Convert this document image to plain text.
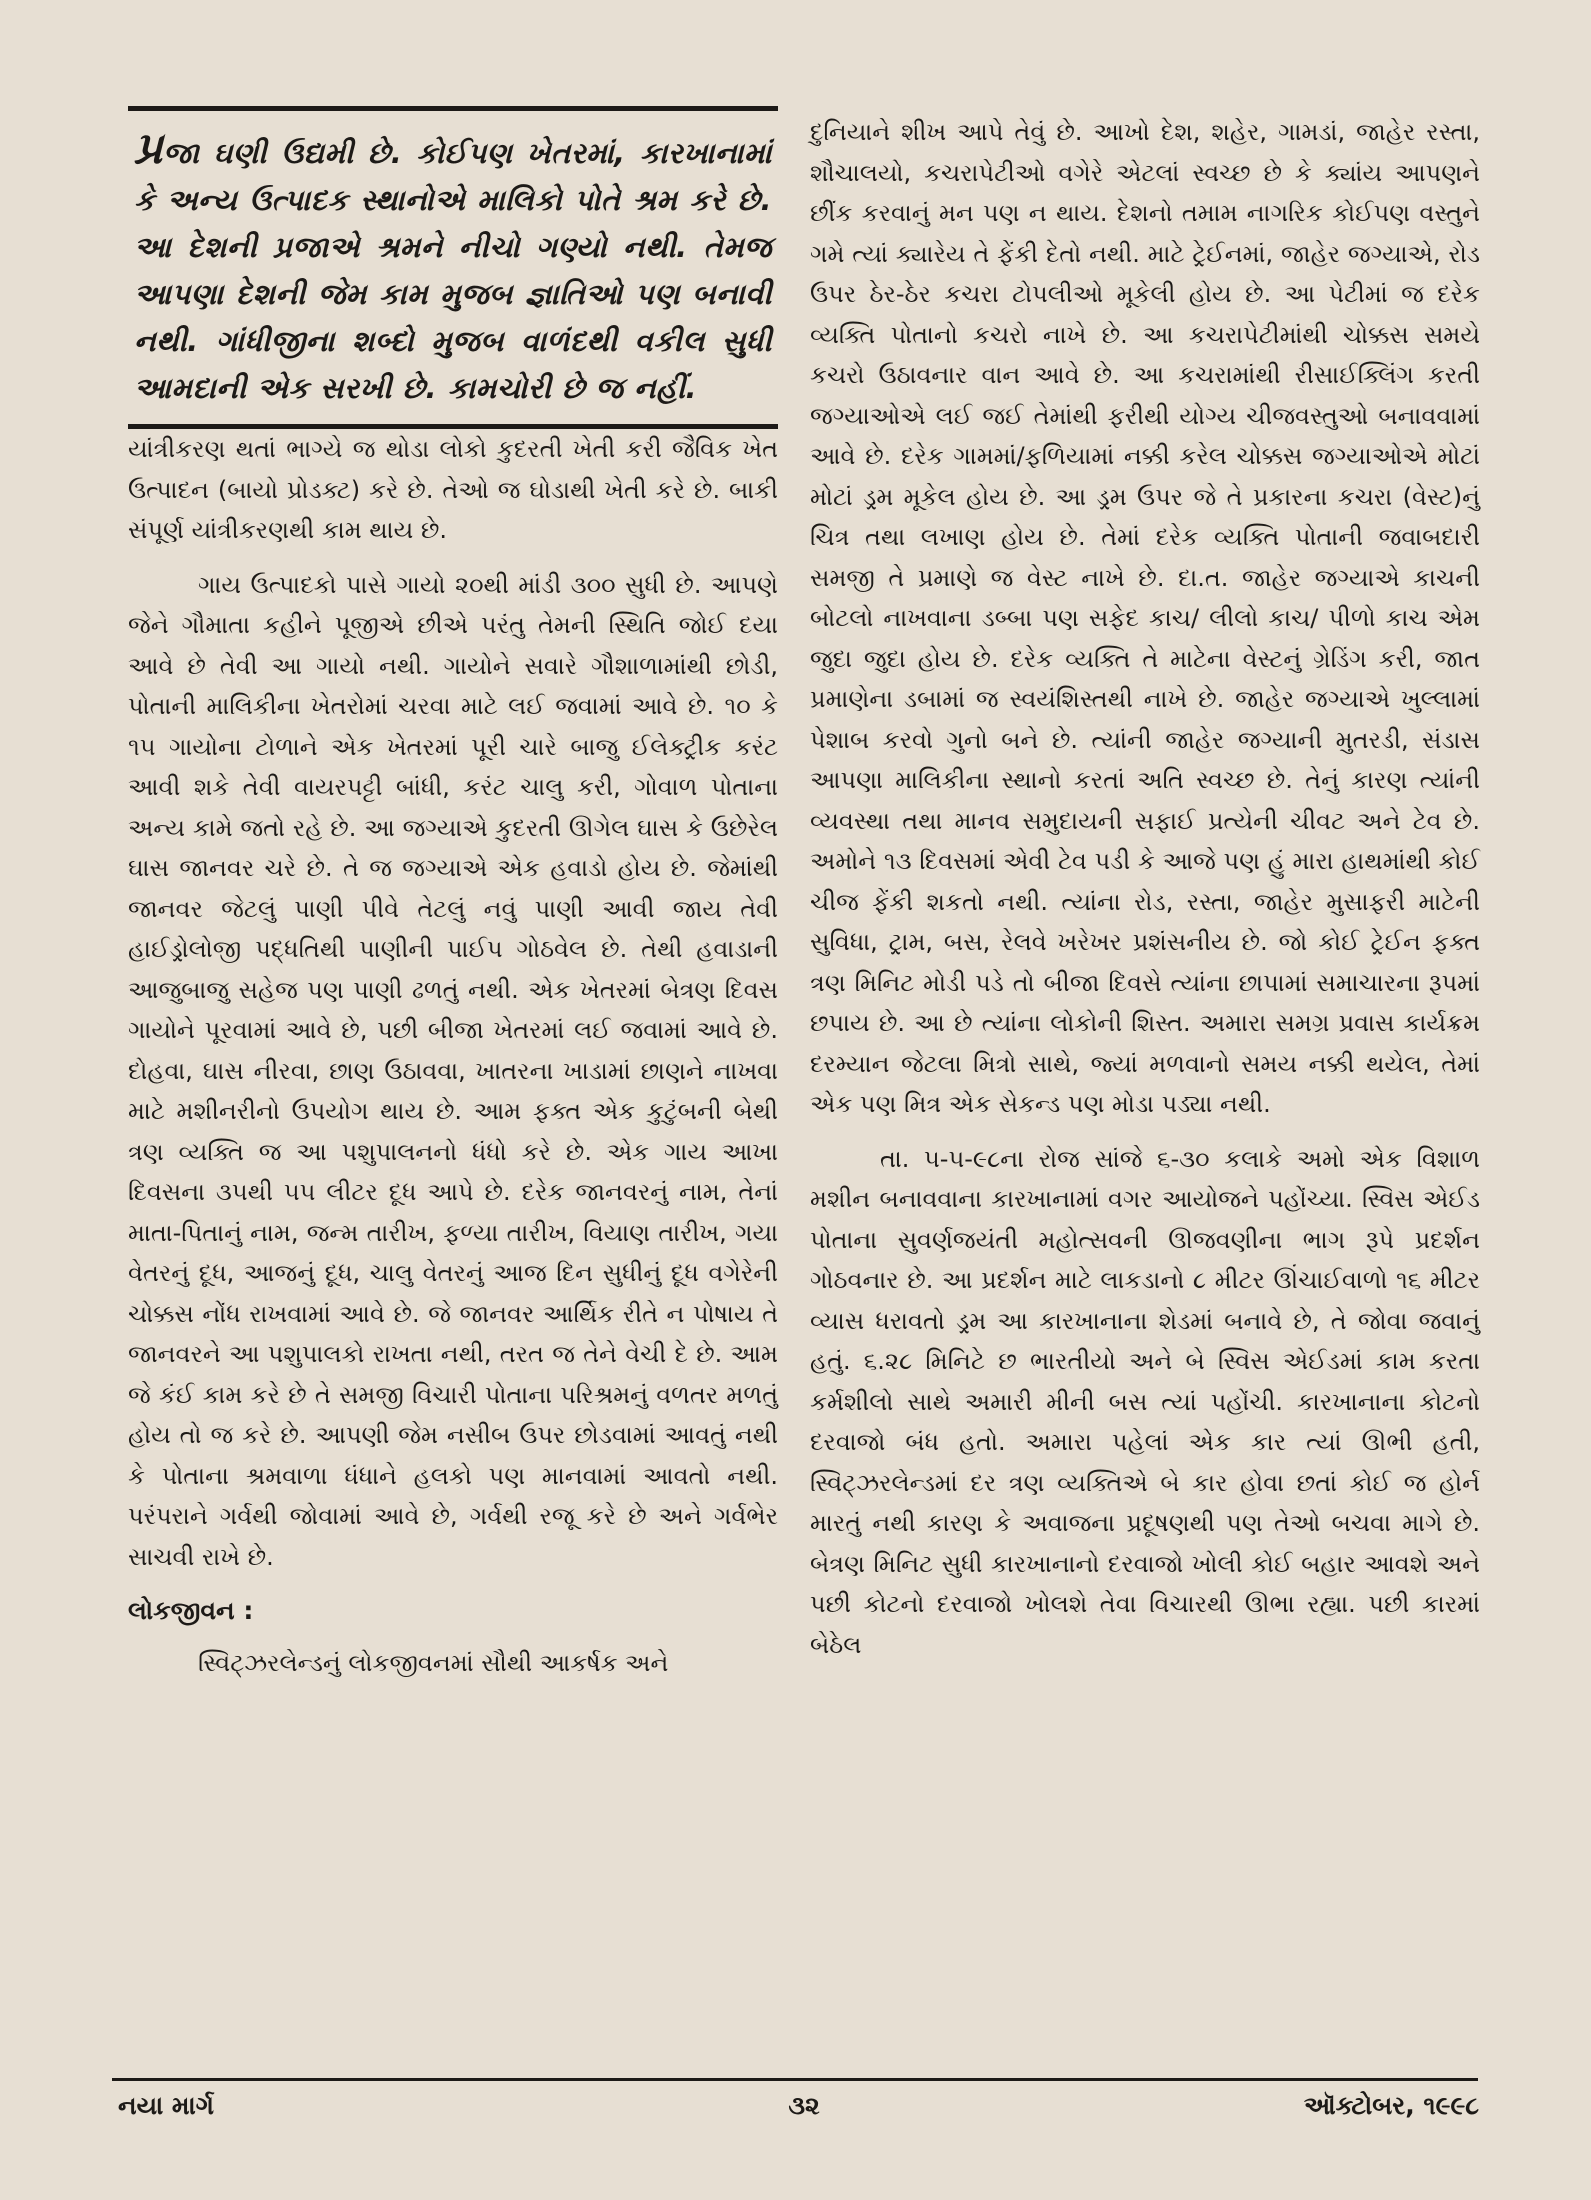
પ્રજા ઘણી ઉદ્યમી છે. કોઈપણ ખેતરમાં, કારખાનામાં કે અન્ય ઉત્પાદક સ્થાનોએ માલિકો પોતે શ્રમ કરે છે. આ દેશની પ્રજાએ શ્રમને નીચો ગણ્યો નથી. તેમજ આપણા દેશની જેમ કામ મુજબ જ્ઞાતિઓ પણ બનાવી નથી. ગાંધીજીના શબ્દો મુજબ વાળંદથી વકીલ સુધી આમદાની એક સરખી છે. કામચોરી છે જ નહીં.

યાંત્રીકરણ થતાં ભાગ્યે જ થોડા લોકો કુદરતી ખેતી કરી જૈવિક ખેત ઉત્પાદન (બાયો પ્રોડક્ટ) કરે છે. તેઓ જ ઘોડાથી ખેતી કરે છે. બાકી સંપૂર્ણ યાંત્રીકરણથી કામ થાય છે.

ગાય ઉત્પાદકો પાસે ગાયો ૨૦થી માંડી ૩૦૦ સુધી છે. આપણે જેને ગૌમાતા કહીને પૂજીએ છીએ પરંતુ તેમની સ્થિતિ જોઈ દયા આવે છે તેવી આ ગાયો નથી. ગાયોને સવારે ગૌશાળામાંથી છોડી, પોતાની માલિકીના ખેતરોમાં ચરવા માટે લઈ જવામાં આવે છે. ૧૦ કે ૧૫ ગાયોના ટોળાને એક ખેતરમાં પૂરી ચારે બાજુ ઈલેક્ટ્રીક કરંટ આવી શકે તેવી વાયરપટ્ટી બાંધી, કરંટ ચાલુ કરી, ગોવાળ પોતાના અન્ય કામે જતો રહે છે. આ જગ્યાએ કુદરતી ઊગેલ ઘાસ કે ઉછેરેલ ઘાસ જાનવર ચરે છે. તે જ જગ્યાએ એક હવાડો હોય છે. જેમાંથી જાનવર જેટલું પાણી પીવે તેટલું નવું પાણી આવી જાય તેવી હાઈડ્રોલોજી પદ્ધતિથી પાણીની પાઈપ ગોઠવેલ છે. તેથી હવાડાની આજુબાજુ સહેજ પણ પાણી ઢળતું નથી. એક ખેતરમાં બેત્રણ દિવસ ગાયોને પૂરવામાં આવે છે, પછી બીજા ખેતરમાં લઈ જવામાં આવે છે. દોહવા, ઘાસ નીરવા, છાણ ઉઠાવવા, ખાતરના ખાડામાં છાણને નાખવા માટે મશીનરીનો ઉપયોગ થાય છે. આમ ફક્ત એક કુટુંબની બેથી ત્રણ વ્યક્તિ જ આ પશુપાલનનો ધંધો કરે છે. એક ગાય આખા દિવસના ૩૫થી ૫૫ લીટર દૂધ આપે છે. દરેક જાનવરનું નામ, તેનાં માતા-પિતાનું નામ, જન્મ તારીખ, ફળ્યા તારીખ, વિયાણ તારીખ, ગયા વેતરનું દૂધ, આજનું દૂધ, ચાલુ વેતરનું આજ દિન સુધીનું દૂધ વગેરેની ચોક્કસ નોંધ રાખવામાં આવે છે. જે જાનવર આર્થિક રીતે ન પોષાય તે જાનવરને આ પશુપાલકો રાખતા નથી, તરત જ તેને વેચી દે છે. આમ જે કંઈ કામ કરે છે તે સમજી વિચારી પોતાના પરિશ્રમનું વળતર મળતું હોય તો જ કરે છે. આપણી જેમ નસીબ ઉપર છોડવામાં આવતું નથી કે પોતાના શ્રમવાળા ધંધાને હલકો પણ માનવામાં આવતો નથી. પરંપરાને ગર્વથી જોવામાં આવે છે, ગર્વથી રજૂ કરે છે અને ગર્વભેર સાચવી રાખે છે.

લોકજીવન :

સ્વિટ્ઝરલેન્ડનું લોકજીવનમાં સૌથી આકર્ષક અને

દુનિયાને શીખ આપે તેવું છે. આખો દેશ, શહેર, ગામડાં, જાહેર રસ્તા, શૌચાલયો, કચરાપેટીઓ વગેરે એટલાં સ્વચ્છ છે કે ક્યાંય આપણને છીંક કરવાનું મન પણ ન થાય. દેશનો તમામ નાગરિક કોઈપણ વસ્તુને ગમે ત્યાં ક્યારેય તે ફેંકી દેતો નથી. માટે ટ્રેઈનમાં, જાહેર જગ્યાએ, રોડ ઉપર ઠેર-ઠેર કચરા ટોપલીઓ મૂકેલી હોય છે. આ પેટીમાં જ દરેક વ્યક્તિ પોતાનો કચરો નાખે છે. આ કચરાપેટીમાંથી ચોક્કસ સમયે કચરો ઉઠાવનાર વાન આવે છે. આ કચરામાંથી રીસાઈક્લિંગ કરતી જગ્યાઓએ લઈ જઈ તેમાંથી ફરીથી યોગ્ય ચીજવસ્તુઓ બનાવવામાં આવે છે. દરેક ગામમાં/ફળિયામાં નક્કી કરેલ ચોક્કસ જગ્યાઓએ મોટાં મોટાં ડ્રમ મૂકેલ હોય છે. આ ડ્રમ ઉપર જે તે પ્રકારના કચરા (વેસ્ટ)નું ચિત્ર તથા લખાણ હોય છે. તેમાં દરેક વ્યક્તિ પોતાની જવાબદારી સમજી તે પ્રમાણે જ વેસ્ટ નાખે છે. દા.ત. જાહેર જગ્યાએ કાચની બોટલો નાખવાના ડબ્બા પણ સફેદ કાચ/ લીલો કાચ/ પીળો કાચ એમ જુદા જુદા હોય છે. દરેક વ્યક્તિ તે માટેના વેસ્ટનું ગ્રેડિંગ કરી, જાત પ્રમાણેના ડબામાં જ સ્વયંશિસ્તથી નાખે છે. જાહેર જગ્યાએ ખુલ્લામાં પેશાબ કરવો ગુનો બને છે. ત્યાંની જાહેર જગ્યાની મુતરડી, સંડાસ આપણા માલિકીના સ્થાનો કરતાં અતિ સ્વચ્છ છે. તેનું કારણ ત્યાંની વ્યવસ્થા તથા માનવ સમુદાયની સફાઈ પ્રત્યેની ચીવટ અને ટેવ છે. અમોને ૧૩ દિવસમાં એવી ટેવ પડી કે આજે પણ હું મારા હાથમાંથી કોઈ ચીજ ફેંકી શકતો નથી. ત્યાંના રોડ, રસ્તા, જાહેર મુસાફરી માટેની સુવિધા, ટ્રામ, બસ, રેલવે ખરેખર પ્રશંસનીય છે. જો કોઈ ટ્રેઈન ફક્ત ત્રણ મિનિટ મોડી પડે તો બીજા દિવસે ત્યાંના છાપામાં સમાચારના રૂપમાં છપાય છે. આ છે ત્યાંના લોકોની શિસ્ત. અમારા સમગ્ર પ્રવાસ કાર્યક્રમ દરમ્યાન જેટલા મિત્રો સાથે, જ્યાં મળવાનો સમય નક્કી થયેલ, તેમાં એક પણ મિત્ર એક સેકન્ડ પણ મોડા પડ્યા નથી.

તા. ૫-૫-૯૮ના રોજ સાંજે ૬-૩૦ કલાકે અમો એક વિશાળ મશીન બનાવવાના કારખાનામાં વગર આયોજને પહોંચ્યા. સ્વિસ એઈડ પોતાના સુવર્ણજયંતી મહોત્સવની ઊજવણીના ભાગ રૂપે પ્રદર્શન ગોઠવનાર છે. આ પ્રદર્શન માટે લાકડાનો ૮ મીટર ઊંચાઈવાળો ૧૬ મીટર વ્યાસ ધરાવતો ડ્રમ આ કારખાનાના શેડમાં બનાવે છે, તે જોવા જવાનું હતું. ૬.૨૮ મિનિટે છ ભારતીયો અને બે સ્વિસ એઈડમાં કામ કરતા કર્મશીલો સાથે અમારી મીની બસ ત્યાં પહોંચી. કારખાનાના કોટનો દરવાજો બંધ હતો. અમારા પહેલાં એક કાર ત્યાં ઊભી હતી, સ્વિટ્ઝરલેન્ડમાં દર ત્રણ વ્યક્તિએ બે કાર હોવા છતાં કોઈ જ હોર્ન મારતું નથી કારણ કે અવાજના પ્રદૂષણથી પણ તેઓ બચવા માગે છે. બેત્રણ મિનિટ સુધી કારખાનાનો દરવાજો ખોલી કોઈ બહાર આવશે અને પછી કોટનો દરવાજો ખોલશે તેવા વિચારથી ઊભા રહ્યા. પછી કારમાં બેઠેલ

નયા માર્ગ	૩૨	ઑક્ટોબર, ૧૯૯૮
